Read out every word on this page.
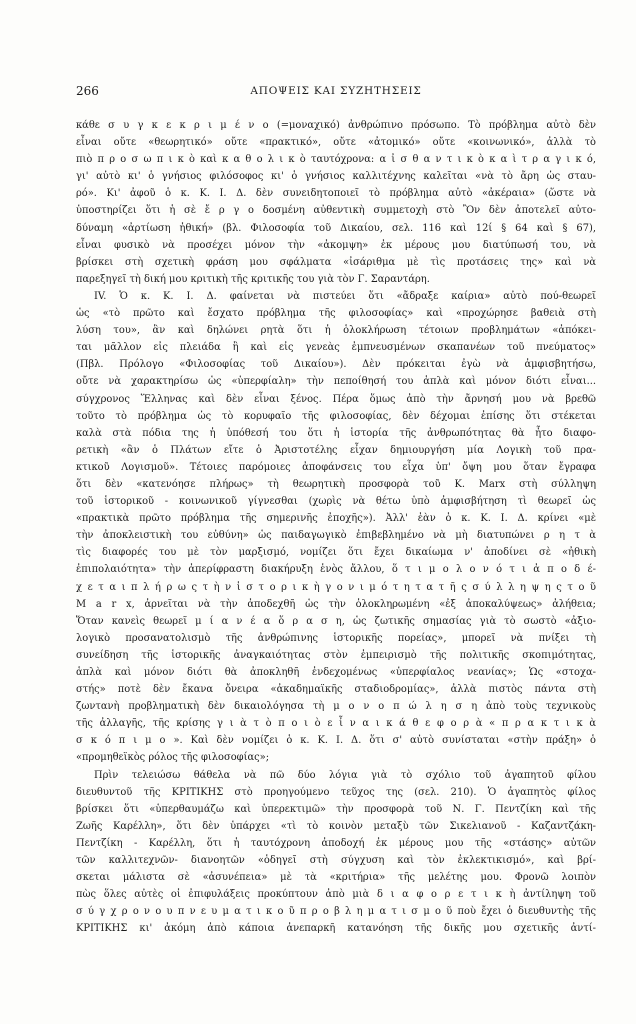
266	ΑΠΟΨΕΙΣ ΚΑΙ ΣΥΖΗΤΗΣΕΙΣ
κάθε σ υ γ κ ε κ ρ ι μ έ ν ο (=μοναχικό) ἀνθρώπινο πρόσωπο. Τὸ πρόβλημα αὐτὸ δὲν
εἶναι οὔτε «θεωρητικό» οὔτε «πρακτικό», οὔτε «ἀτομικό» οὔτε «κοινωνικό», ἀλλὰ τὸ
πιὸ π ρ ο σ ω π ι κ ὸ καὶ κ α θ ο λ ι κ ὸ ταυτόχρονα: α ἰ σ θ α ν τ ι κ ὸ κ α ὶ τ ρ α γ ι κ ό,
γι' αὐτὸ κι' ὁ γνήσιος φιλόσοφος κι' ὁ γνήσιος καλλιτέχνης καλεῖται «νὰ τὸ ἄρη ὡς σταυ-
ρό». Κι' ἀφοῦ ὁ κ. Κ. Ι. Δ. δὲν συνειδητοποιεῖ τὸ πρόβλημα αὐτὸ «ἀκέραια» (ὥστε νὰ
ὑποστηρίζει ὅτι ἡ σὲ ἔ ρ γ ο δοσμένη αὐθεντικὴ συμμετοχὴ στὸ Ὂν δὲν ἀποτελεῖ αὐτο-
δύναμη «ἀρτίωση ἠθική» (βλ. Φιλοσοφία τοῦ Δικαίου, σελ. 116 καὶ 12ί § 64 καὶ § 67),
εἶναι φυσικὸ νὰ προσέχει μόνον τὴν «ἀκομψη» ἐκ μέρους μου διατύπωσή του, νὰ
βρίσκει στὴ σχετικὴ φράση μου σφάλματα «ἰσάριθμα μὲ τὶς προτάσεις της» καὶ νὰ
παρεξηγεῖ τὴ δική μου κριτικὴ τῆς κριτικῆς του γιὰ τὸν Γ. Σαραντάρη.
IV. Ὁ κ. Κ. Ι. Δ. φαίνεται νὰ πιστεύει ὅτι «ἄδραξε καίρια» αὐτὸ πού-θεωρεῖ
ὡς «τὸ πρῶτο καὶ ἔσχατο πρόβλημα τῆς φιλοσοφίας» καὶ «προχώρησε βαθειὰ στὴ
λύση του», ἂν καὶ δηλώνει ρητὰ ὅτι ἡ ὁλοκλήρωση τέτοιων προβλημάτων «ἀπόκει-
ται μᾶλλον εἰς πλειάδα ἢ καὶ εἰς γενεὰς ἐμπνευσμένων σκαπανέων τοῦ πνεύματος»
(Πβλ. Πρόλογο «Φιλοσοφίας τοῦ Δικαίου»). Δὲν πρόκειται ἐγὼ νὰ ἀμφισβητήσω,
οὔτε νὰ χαρακτηρίσω ὡς «ὑπερφίαλη» τὴν πεποίθησή του ἁπλὰ καὶ μόνον διότι εἶναι...
σύγχρονος Ἕλληνας καὶ δὲν εἶναι ξένος. Πέρα ὅμως ἀπὸ τὴν ἄρνησή μου νὰ βρεθῶ
τοῦτο τὸ πρόβλημα ὡς τὸ κορυφαῖο τῆς φιλοσοφίας, δὲν δέχομαι ἐπίσης ὅτι στέκεται
καλὰ στὰ πόδια της ἡ ὑπόθεσή του ὅτι ἡ ἱστορία τῆς ἀνθρωπότητας θὰ ἦτο διαφο-
ρετικὴ «ἂν ὁ Πλάτων εἴτε ὁ Ἀριστοτέλης εἶχαν δημιουργήση μία Λογικὴ τοῦ πρα-
κτικοῦ Λογισμοῦ». Τέτοιες παρόμοιες ἀποφάνσεις του εἶχα ὑπ' ὄψη μου ὅταν ἔγραφα
ὅτι δὲν «κατενόησε πλήρως» τὴ θεωρητικὴ προσφορὰ τοῦ Κ. Marx στὴ σύλληψη
τοῦ ἱστορικοῦ - κοινωνικοῦ γίγνεσθαι (χωρὶς νὰ θέτω ὑπὸ ἀμφισβήτηση τὶ θεωρεῖ ὡς
«πρακτικὰ πρῶτο πρόβλημα τῆς σημερινῆς ἐποχῆς»). Ἀλλ' ἐὰν ὁ κ. Κ. Ι. Δ. κρίνει «μὲ
τὴν ἀποκλειστικὴ του εὐθύνη» ὡς παιδαγωγικὸ ἐπιβεβλημένο νὰ μὴ διατυπώνει ρ η τ ὰ
τὶς διαφορές του μὲ τὸν μαρξισμό, νομίζει ὅτι ἔχει δικαίωμα ν' ἀποδίνει σὲ «ἠθικὴ
ἐπιπολαιότητα» τὴν ἀπερίφραστη διακήρυξη ἑνὸς ἄλλου, ὅ τ ι μ ο λ ο ν ό τ ι ἀ π ο δ έ-
χ ε τ α ι π λ ή ρ ω ς τ ὴ ν ἱ σ τ ο ρ ι κ ὴ γ ο ν ι μ ό τ η τ α τ ῆ ς σ ύ λ λ η ψ η ς τ ο ῦ
M a r x, ἀρνεῖται νὰ τὴν ἀποδεχθῆ ὡς τὴν ὁλοκληρωμένη «ἐξ ἀποκαλύψεως» ἀλήθεια;
Ὅταν κανεὶς θεωρεῖ μ ί α ν έ α ὅ ρ α σ η, ὡς ζωτικῆς σημασίας γιὰ τὸ σωστὸ «ἀξιο-
λογικὸ προσανατολισμὸ τῆς ἀνθρώπινης ἱστορικῆς πορείας», μπορεῖ νὰ πνίξει τὴ
συνείδηση τῆς ἱστορικῆς ἀναγκαιότητας στὸν ἐμπειρισμὸ τῆς πολιτικῆς σκοπιμότητας,
ἁπλὰ καὶ μόνον διότι θὰ ἀποκληθῆ ἐνδεχομένως «ὑπερφίαλος νεανίας»; Ὡς «στοχα-
στής» ποτὲ δὲν ἔκανα ὄνειρα «ἀκαδημαϊκῆς σταδιοδρομίας», ἀλλὰ πιστὸς πάντα στὴ
ζωντανὴ προβληματικὴ δὲν δικαιολόγησα τὴ μ ο ν ο π ώ λ η σ η ἀπὸ τοὺς τεχνικοὺς
τῆς ἀλλαγῆς, τῆς κρίσης γ ι ὰ τ ὸ π ο ι ὸ ε ἶ ν α ι κ ά θ ε φ ο ρ ὰ « π ρ α κ τ ι κ ὰ
σ κ ό π ι μ ο ». Καὶ δὲν νομίζει ὁ κ. Κ. Ι. Δ. ὅτι σ' αὐτὸ συνίσταται «στὴν πράξη» ὁ
«προμηθεϊκὸς ρόλος τῆς φιλοσοφίας»;
Πρὶν τελειώσω θάθελα νὰ πῶ δύο λόγια γιὰ τὸ σχόλιο τοῦ ἀγαπητοῦ φίλου
διευθυντοῦ τῆς ΚΡΙΤΙΚΗΣ στὸ προηγούμενο τεῦχος της (σελ. 210). Ὁ ἀγαπητὸς φίλος
βρίσκει ὅτι «ὑπερθαυμάζω καὶ ὑπερεκτιμῶ» τὴν προσφορὰ τοῦ Ν. Γ. Πεντζίκη καὶ τῆς
Ζωῆς Καρέλλη», ὅτι δὲν ὑπάρχει «τὶ τὸ κοινὸν μεταξὺ τῶν Σικελιανοῦ - Καζαντζάκη-
Πεντζίκη - Καρέλλη, ὅτι ἡ ταυτόχρονη ἀποδοχή ἐκ μέρους μου τῆς «στάσης» αὐτῶν
τῶν καλλιτεχνῶν- διανοητῶν «ὁδηγεῖ στὴ σύγχυση καὶ τὸν ἐκλεκτικισμό», καὶ βρί-
σκεται μάλιστα σὲ «ἀσυνέπεια» μὲ τὰ «κριτήρια» τῆς μελέτης μου. Φρονῶ λοιπὸν
πὼς ὅλες αὐτὲς οἱ ἐπιφυλάξεις προκύπτουν ἀπὸ μιὰ δ ι α φ ο ρ ε τ ι κ ὴ ἀντίληψη τοῦ
σ ύ γ χ ρ ο ν ο υ π ν ε υ μ α τ ι κ ο ῦ π ρ ο β λ η μ α τ ι σ μ ο ῦ ποὺ ἔχει ὁ διευθυντὴς τῆς
ΚΡΙΤΙΚΗΣ κι' ἀκόμη ἀπὸ κάποια ἀνεπαρκῆ κατανόηση τῆς δικῆς μου σχετικῆς ἀντί-
